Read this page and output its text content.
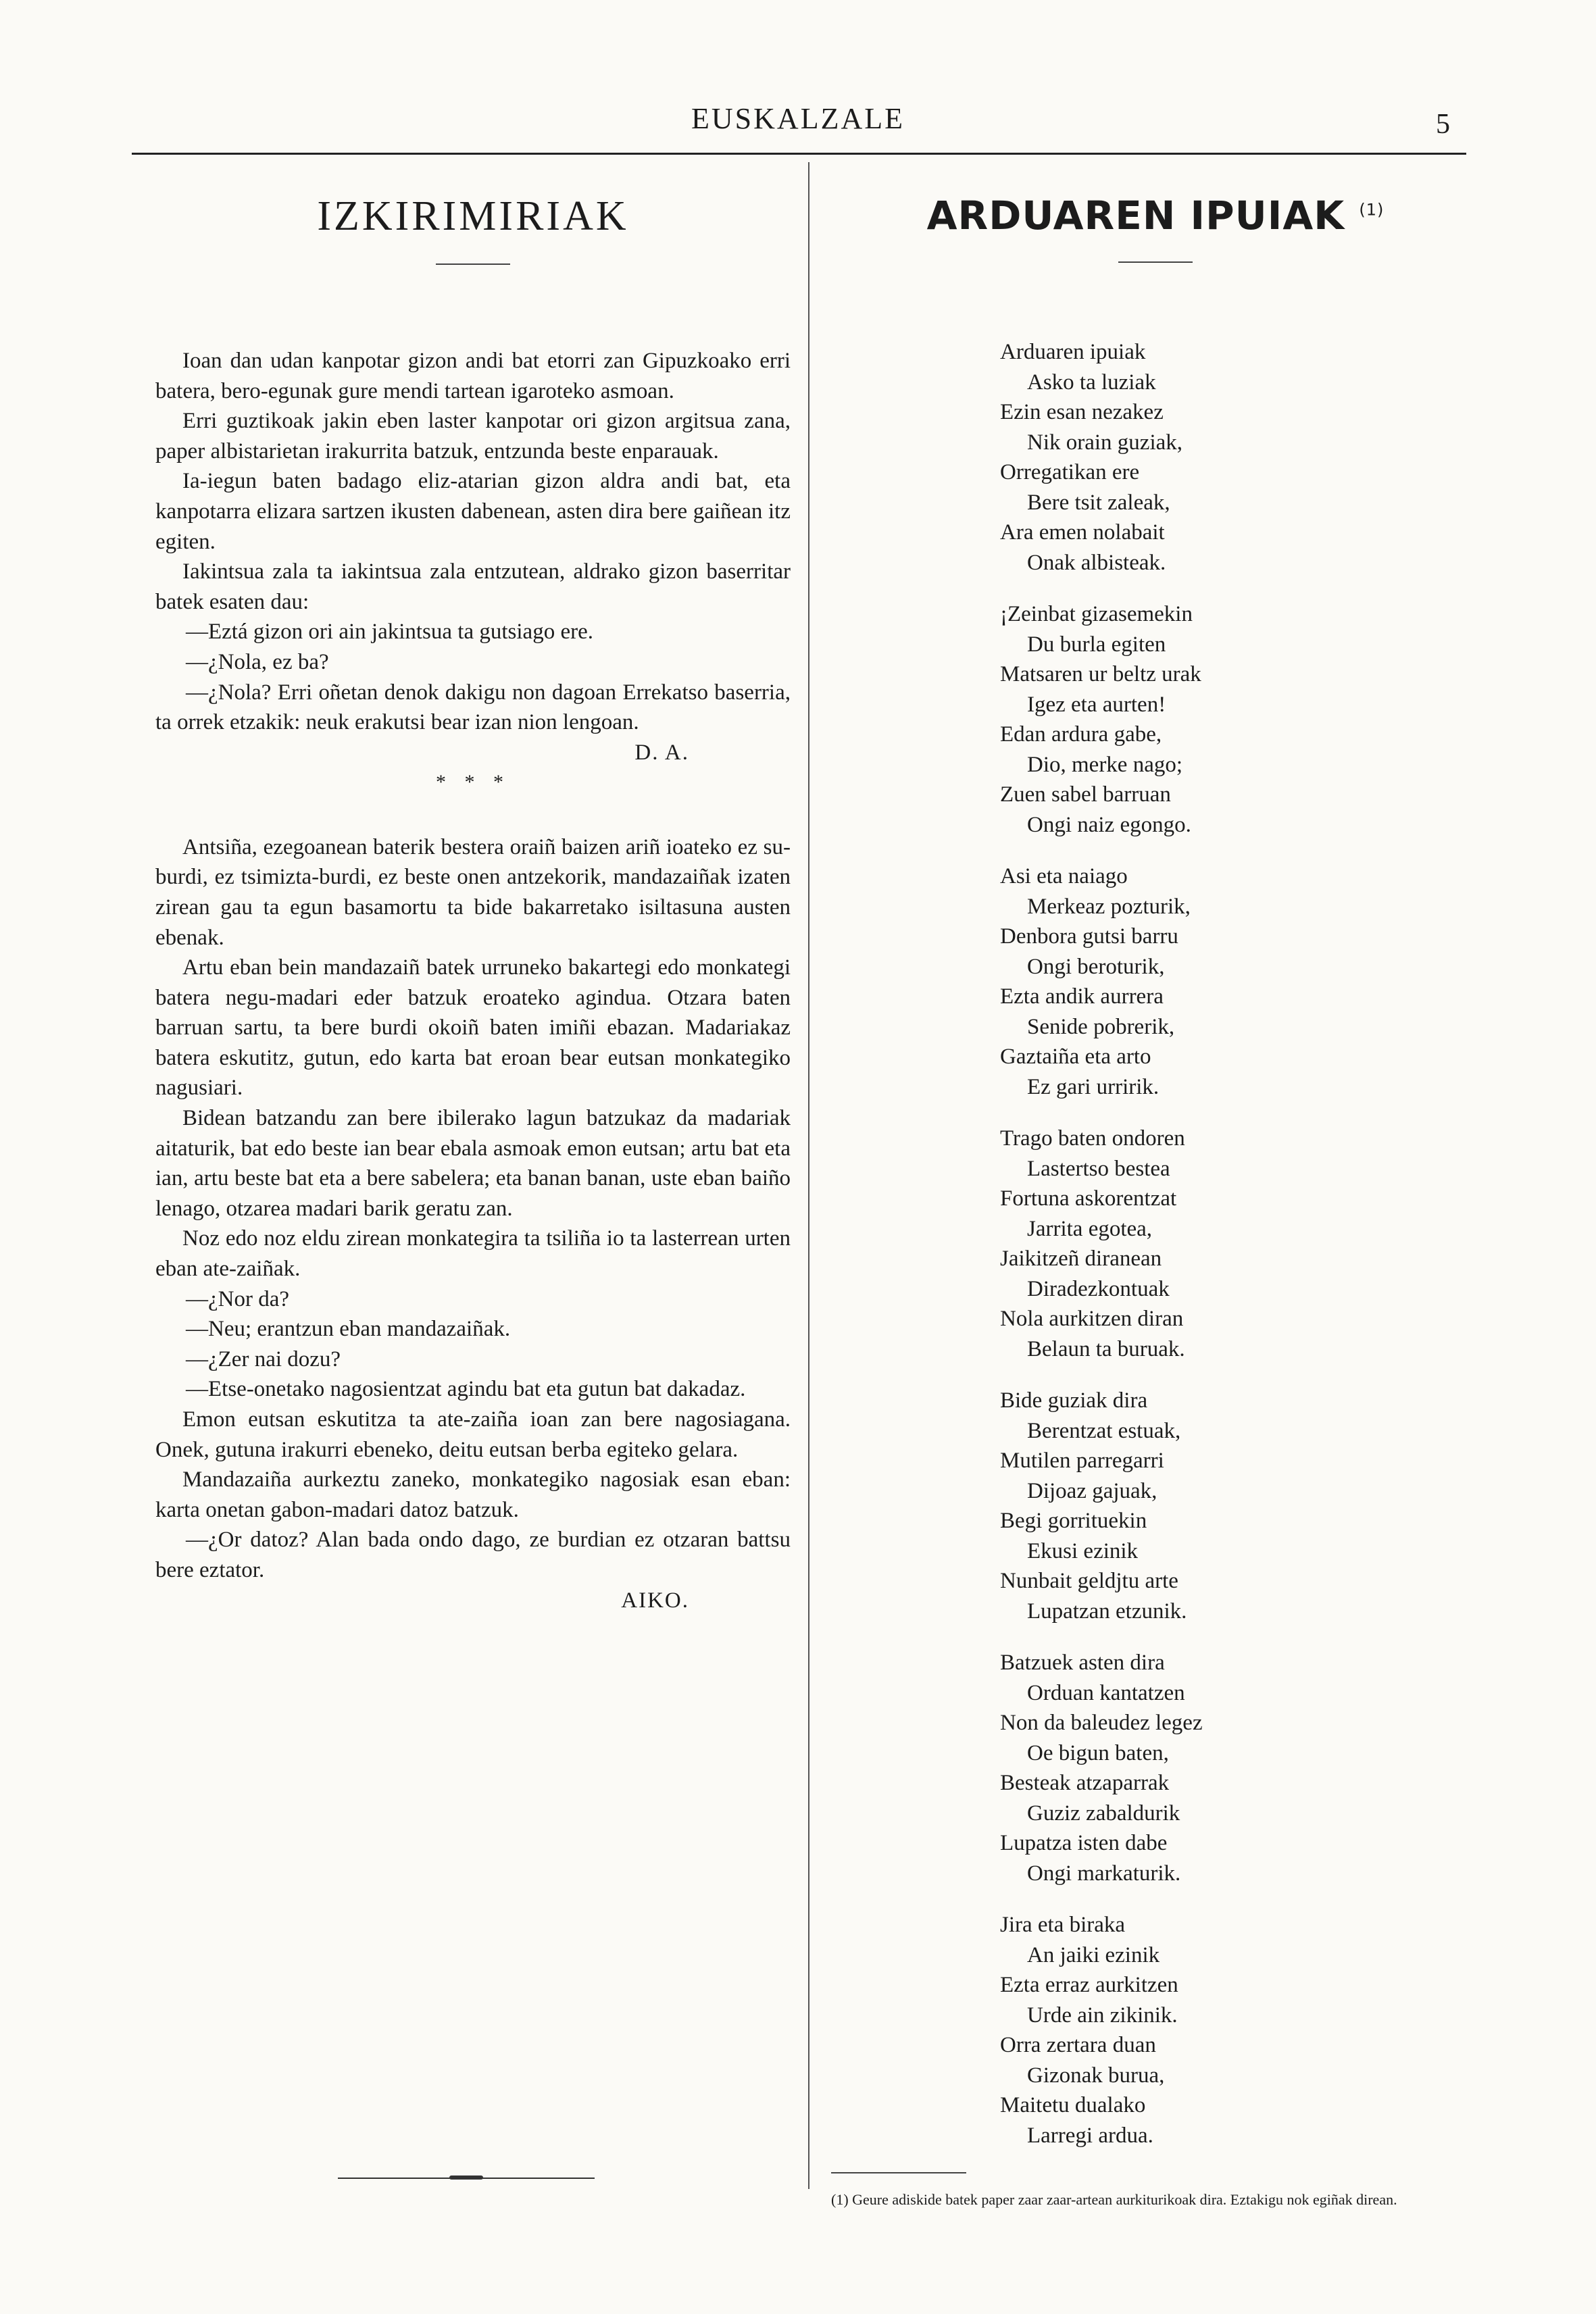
EUSKALZALE	5
IZKIRIMIRIAK

Ioan dan udan kanpotar gizon andi bat etorri zan Gipuzkoako erri batera, bero-egunak gure mendi tartean igaroteko asmoan.

Erri guztikoak jakin eben laster kanpotar ori gizon argitsua zana, paper albistarietan irakurrita batzuk, entzunda beste enparauak.

Ia-iegun baten badago eliz-atarian gizon aldra andi bat, eta kanpotarra elizara sartzen ikusten dabenean, asten dira bere gaiñean itz egiten.

Iakintsua zala ta iakintsua zala entzutean, aldrako gizon baserritar batek esaten dau:

—Eztá gizon ori ain jakintsua ta gutsiago ere.

—¿Nola, ez ba?

—¿Nola? Erri oñetan denok dakigu non dagoan Errekatso baserria, ta orrek etzakik: neuk erakutsi bear izan nion lengoan.

D. A.
* * *

Antsiña, ezegoanean baterik bestera oraiñ baizen ariñ ioateko ez su-burdi, ez tsimizta-burdi, ez beste onen antzekorik, mandazaiñak izaten zirean gau ta egun basamortu ta bide bakarretako isiltasuna austen ebenak.

Artu eban bein mandazaiñ batek urruneko bakartegi edo monkategi batera negu-madari eder batzuk eroateko agindua. Otzara baten barruan sartu, ta bere burdi okoiñ baten imiñi ebazan. Madariakaz batera eskutitz, gutun, edo karta bat eroan bear eutsan monkategiko nagusiari.

Bidean batzandu zan bere ibilerako lagun batzukaz da madariak aitaturik, bat edo beste ian bear ebala asmoak emon eutsan; artu bat eta ian, artu beste bat eta a bere sabelera; eta banan banan, uste eban baiño lenago, otzarea madari barik geratu zan.

Noz edo noz eldu zirean monkategira ta tsiliña io ta lasterrean urten eban ate-zaiñak.

—¿Nor da?

—Neu; erantzun eban mandazaiñak.

—¿Zer nai dozu?

—Etse-onetako nagosientzat agindu bat eta gutun bat dakadaz.

Emon eutsan eskutitza ta ate-zaiña ioan zan bere nagosiagana. Onek, gutuna irakurri ebeneko, deitu eutsan berba egiteko gelara.

Mandazaiña aurkeztu zaneko, monkategiko nagosiak esan eban: karta onetan gabon-madari datoz batzuk.

—¿Or datoz? Alan bada ondo dago, ze burdian ez otzaran battsu bere eztator.

AIKO.
ARDUAREN IPUIAK $^{(1)}$
Arduaren ipuiak
Asko ta luziak
Ezin esan nezakez
Nik orain guziak,
Orregatikan ere
Bere tsit zaleak,
Ara emen nolabait
Onak albisteak.
¡Zeinbat gizasemekin
Du burla egiten
Matsaren ur beltz urak
Igez eta aurten!
Edan ardura gabe,
Dio, merke nago;
Zuen sabel barruan
Ongi naiz egongo.
Asi eta naiago
Merkeaz pozturik,
Denbora gutsi barru
Ongi beroturik,
Ezta andik aurrera
Senide pobrerik,
Gaztaiña eta arto
Ez gari urririk.
Trago baten ondoren
Lastertso bestea
Fortuna askorentzat
Jarrita egotea,
Jaikitzeñ diranean
Diradezkontuak
Nola aurkitzen diran
Belaun ta buruak.
Bide guziak dira
Berentzat estuak,
Mutilen parregarri
Dijoaz gajuak,
Begi gorrituekin
Ekusi ezinik
Nunbait geldjtu arte
Lupatzan etzunik.
Batzuek asten dira
Orduan kantatzen
Non da baleudez legez
Oe bigun baten,
Besteak atzaparrak
Guziz zabaldurik
Lupatza isten dabe
Ongi markaturik.
Jira eta biraka
An jaiki ezinik
Ezta erraz aurkitzen
Urde ain zikinik.
Orra zertara duan
Gizonak burua,
Maitetu dualako
Larregi ardua.
(1) Geure adiskide batek paper zaar zaar-artean aurkiturikoak dira. Eztakigu nok egiñak direan.
